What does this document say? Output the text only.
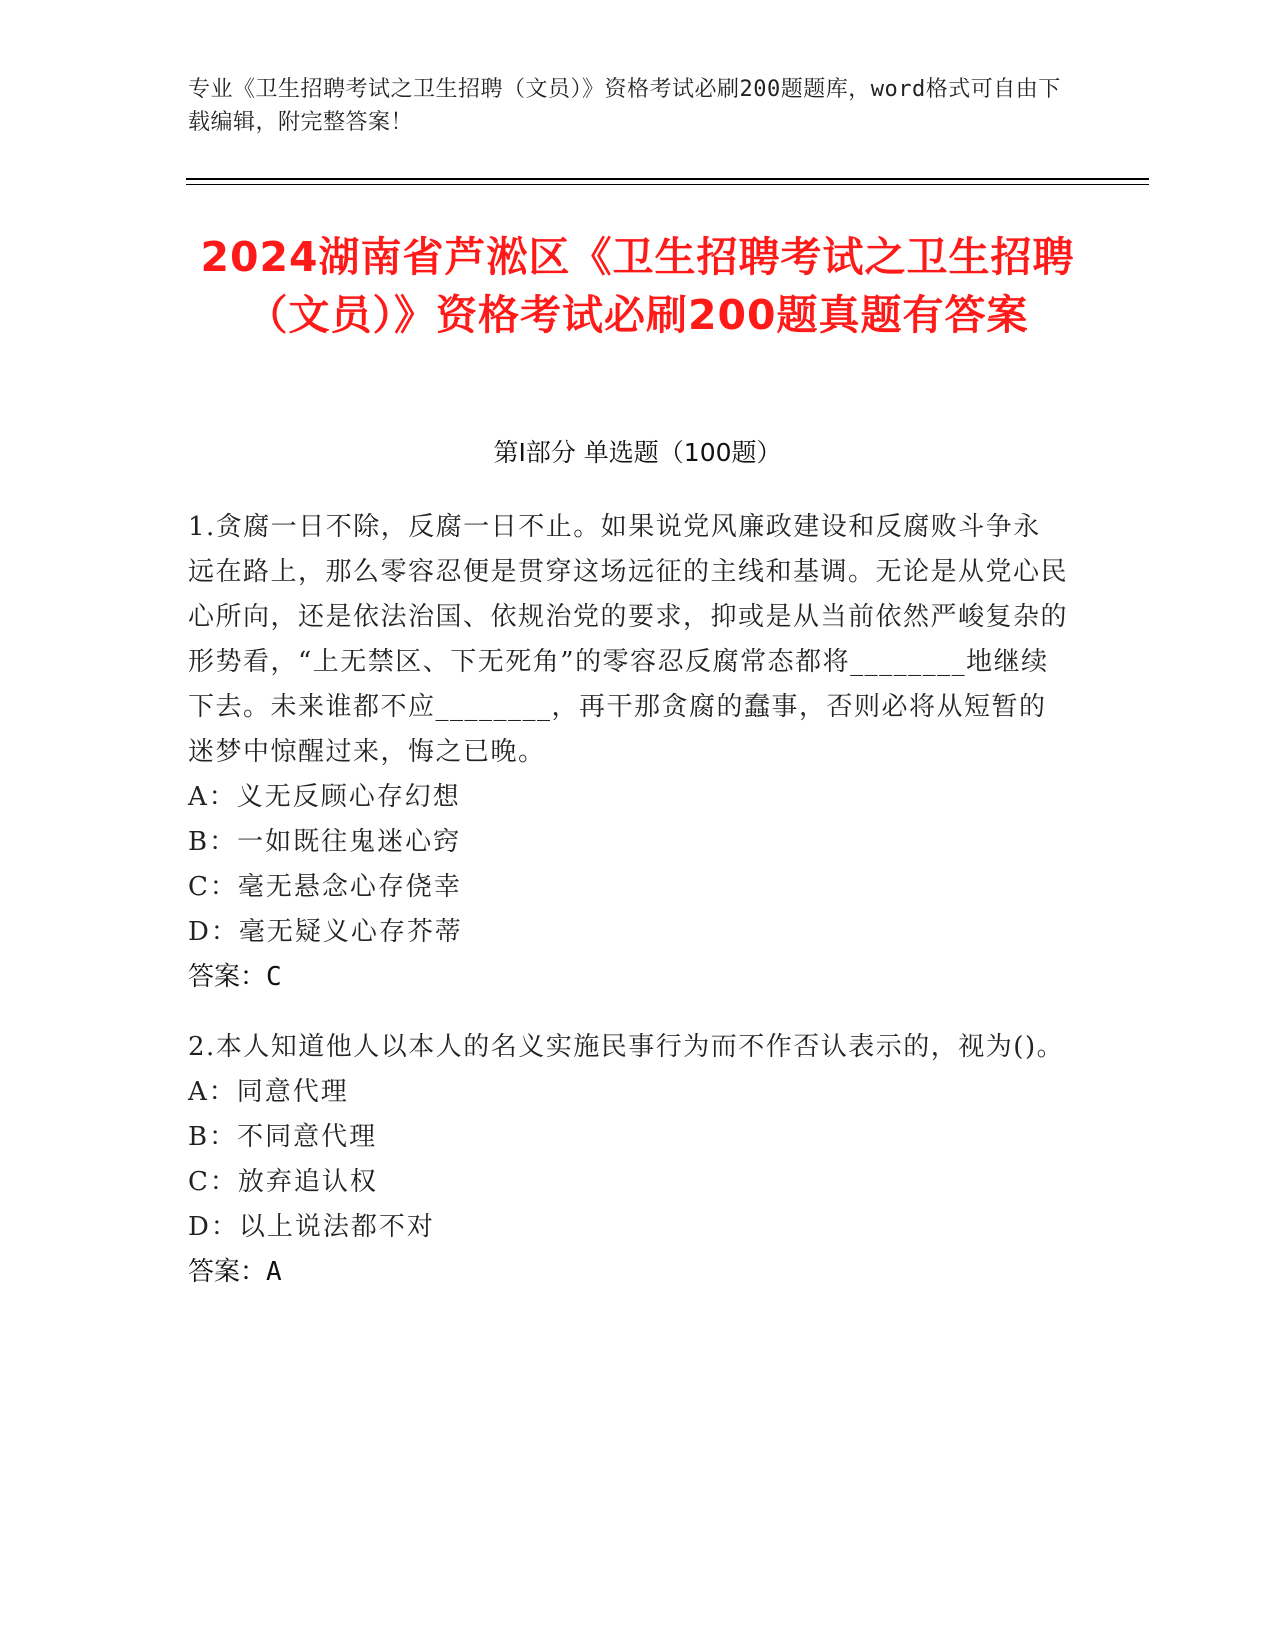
专业《卫生招聘考试之卫生招聘（文员）》资格考试必刷200题题库，word格式可自由下载编辑，附完整答案！
2024湖南省芦淞区《卫生招聘考试之卫生招聘（文员）》资格考试必刷200题真题有答案
第Ⅰ部分 单选题（100题）

1.贪腐一日不除，反腐一日不止。如果说党风廉政建设和反腐败斗争永远在路上，那么零容忍便是贯穿这场远征的主线和基调。无论是从党心民心所向，还是依法治国、依规治党的要求，抑或是从当前依然严峻复杂的形势看，“上无禁区、下无死角”的零容忍反腐常态都将________地继续下去。未来谁都不应________，再干那贪腐的蠢事，否则必将从短暂的迷梦中惊醒过来，悔之已晚。

A：义无反顾心存幻想

B：一如既往鬼迷心窍

C：毫无悬念心存侥幸

D：毫无疑义心存芥蒂

答案：C

2.本人知道他人以本人的名义实施民事行为而不作否认表示的，视为()。

A：同意代理

B：不同意代理

C：放弃追认权

D：以上说法都不对

答案：A
